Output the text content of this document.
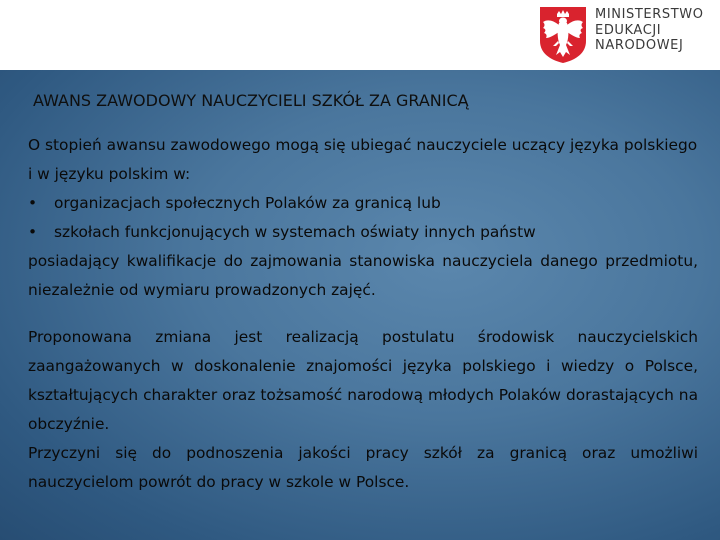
MINISTERSTWO
EDUKACJI
NARODOWEJ
AWANS ZAWODOWY NAUCZYCIELI SZKÓŁ ZA GRANICĄ

O stopień awansu zawodowego mogą się ubiegać nauczyciele uczący języka polskiego i w języku polskim w:

• organizacjach społecznych Polaków za granicą lub

• szkołach funkcjonujących w systemach oświaty innych państw

posiadający kwalifikacje do zajmowania stanowiska nauczyciela danego przedmiotu, niezależnie od wymiaru prowadzonych zajęć.

Proponowana zmiana jest realizacją postulatu środowisk nauczycielskich zaangażowanych w doskonalenie znajomości języka polskiego i wiedzy o Polsce, kształtujących charakter oraz tożsamość narodową młodych Polaków dorastających na obczyźnie.

Przyczyni się do podnoszenia jakości pracy szkół za granicą oraz umożliwi nauczycielom powrót do pracy w szkole w Polsce.
